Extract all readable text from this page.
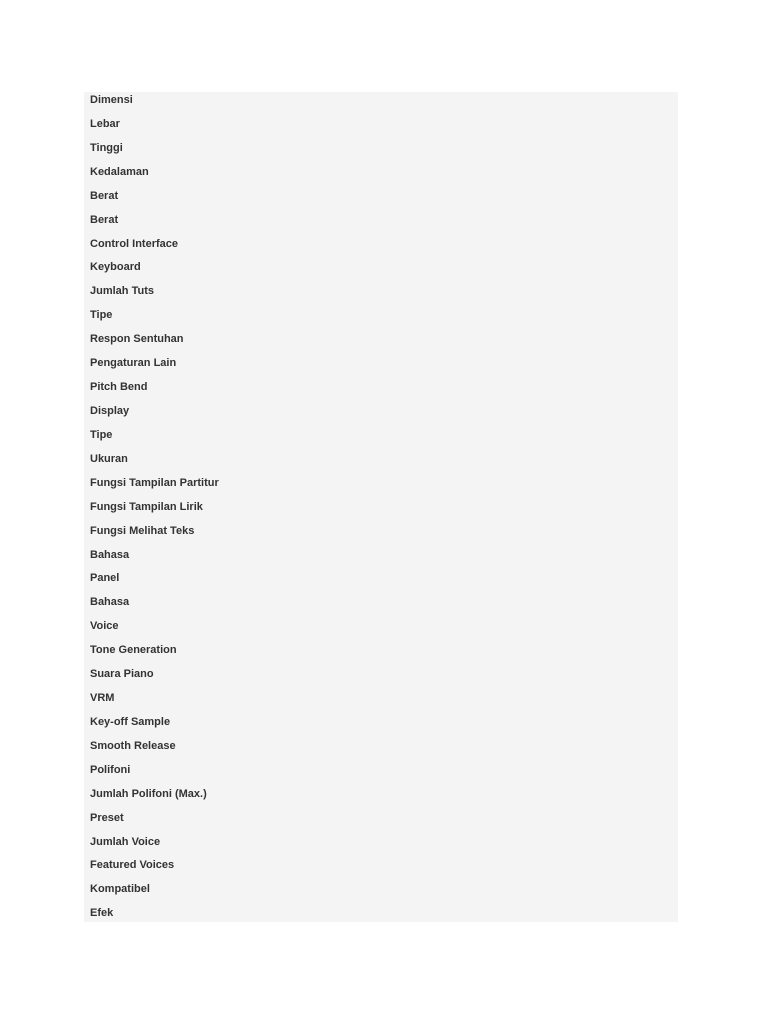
Dimensi
Lebar
Tinggi
Kedalaman
Berat
Berat
Control Interface
Keyboard
Jumlah Tuts
Tipe
Respon Sentuhan
Pengaturan Lain
Pitch Bend
Display
Tipe
Ukuran
Fungsi Tampilan Partitur
Fungsi Tampilan Lirik
Fungsi Melihat Teks
Bahasa
Panel
Bahasa
Voice
Tone Generation
Suara Piano
VRM
Key-off Sample
Smooth Release
Polifoni
Jumlah Polifoni (Max.)
Preset
Jumlah Voice
Featured Voices
Kompatibel
Efek
